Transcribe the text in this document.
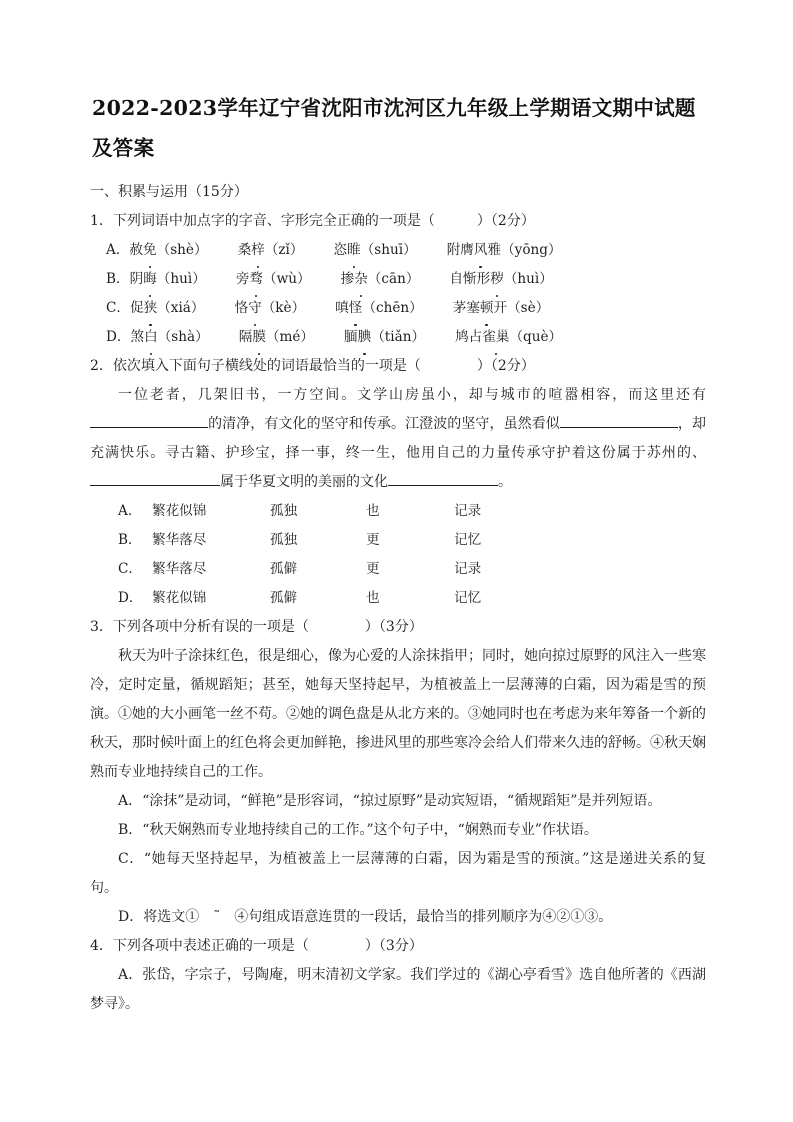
2022-2023学年辽宁省沈阳市沈河区九年级上学期语文期中试题及答案

一、积累与运用（15分）

1．下列词语中加点字的字音、字形完全正确的一项是（　　　）（2分）

A．赦免（shè） 桑梓（zǐ） 恣睢（shuī） 附膺风雅（yōng）

B．阴晦（huì） 旁骛（wù） 掺杂（cān） 自惭形秽（huì）

C．促狭（xiá） 恪守（kè） 嗔怪（chēn） 茅塞顿开（sè）

D．煞白（shà） 隔膜（mé） 腼腆（tiǎn） 鸠占雀巢（què）

2．依次填入下面句子横线处的词语最恰当的一项是（　　　　）（2分）

一位老者，几架旧书，一方空间。文学山房虽小，却与城市的喧嚣相容，而这里还有的清净，有文化的坚守和传承。江澄波的坚守，虽然看似	，却充满快乐。寻古籍、护珍宝，择一事，终一生，他用自己的力量传承守护着这份属于苏州的、属于华夏文明的美丽的文化	。

A．	繁花似锦	孤独	也	记录
B．	繁华落尽	孤独	更	记忆
C．	繁华落尽	孤僻	更	记录
D．	繁花似锦	孤僻	也	记忆

3．下列各项中分析有误的一项是（　　　　）（3分）

秋天为叶子涂抹红色，很是细心，像为心爱的人涂抹指甲；同时，她向掠过原野的风注入一些寒冷，定时定量，循规蹈矩；甚至，她每天坚持起早，为植被盖上一层薄薄的白霜，因为霜是雪的预演。①她的大小画笔一丝不苟。②她的调色盘是从北方来的。③她同时也在考虑为来年筹备一个新的秋天，那时候叶面上的红色将会更加鲜艳，掺进风里的那些寒冷会给人们带来久违的舒畅。④秋天娴熟而专业地持续自己的工作。

A．“涂抹”是动词，“鲜艳”是形容词，“掠过原野”是动宾短语，“循规蹈矩”是并列短语。

B．“秋天娴熟而专业地持续自己的工作。”这个句子中，“娴熟而专业”作状语。

C．“她每天坚持起早，为植被盖上一层薄薄的白霜，因为霜是雪的预演。”这是递进关系的复句。

D．将选文①　˜　④句组成语意连贯的一段话，最恰当的排列顺序为④②①③。

4．下列各项中表述正确的一项是（　　　　）（3分）

A．张岱，字宗子，号陶庵，明末清初文学家。我们学过的《湖心亭看雪》选自他所著的《西湖梦寻》。
